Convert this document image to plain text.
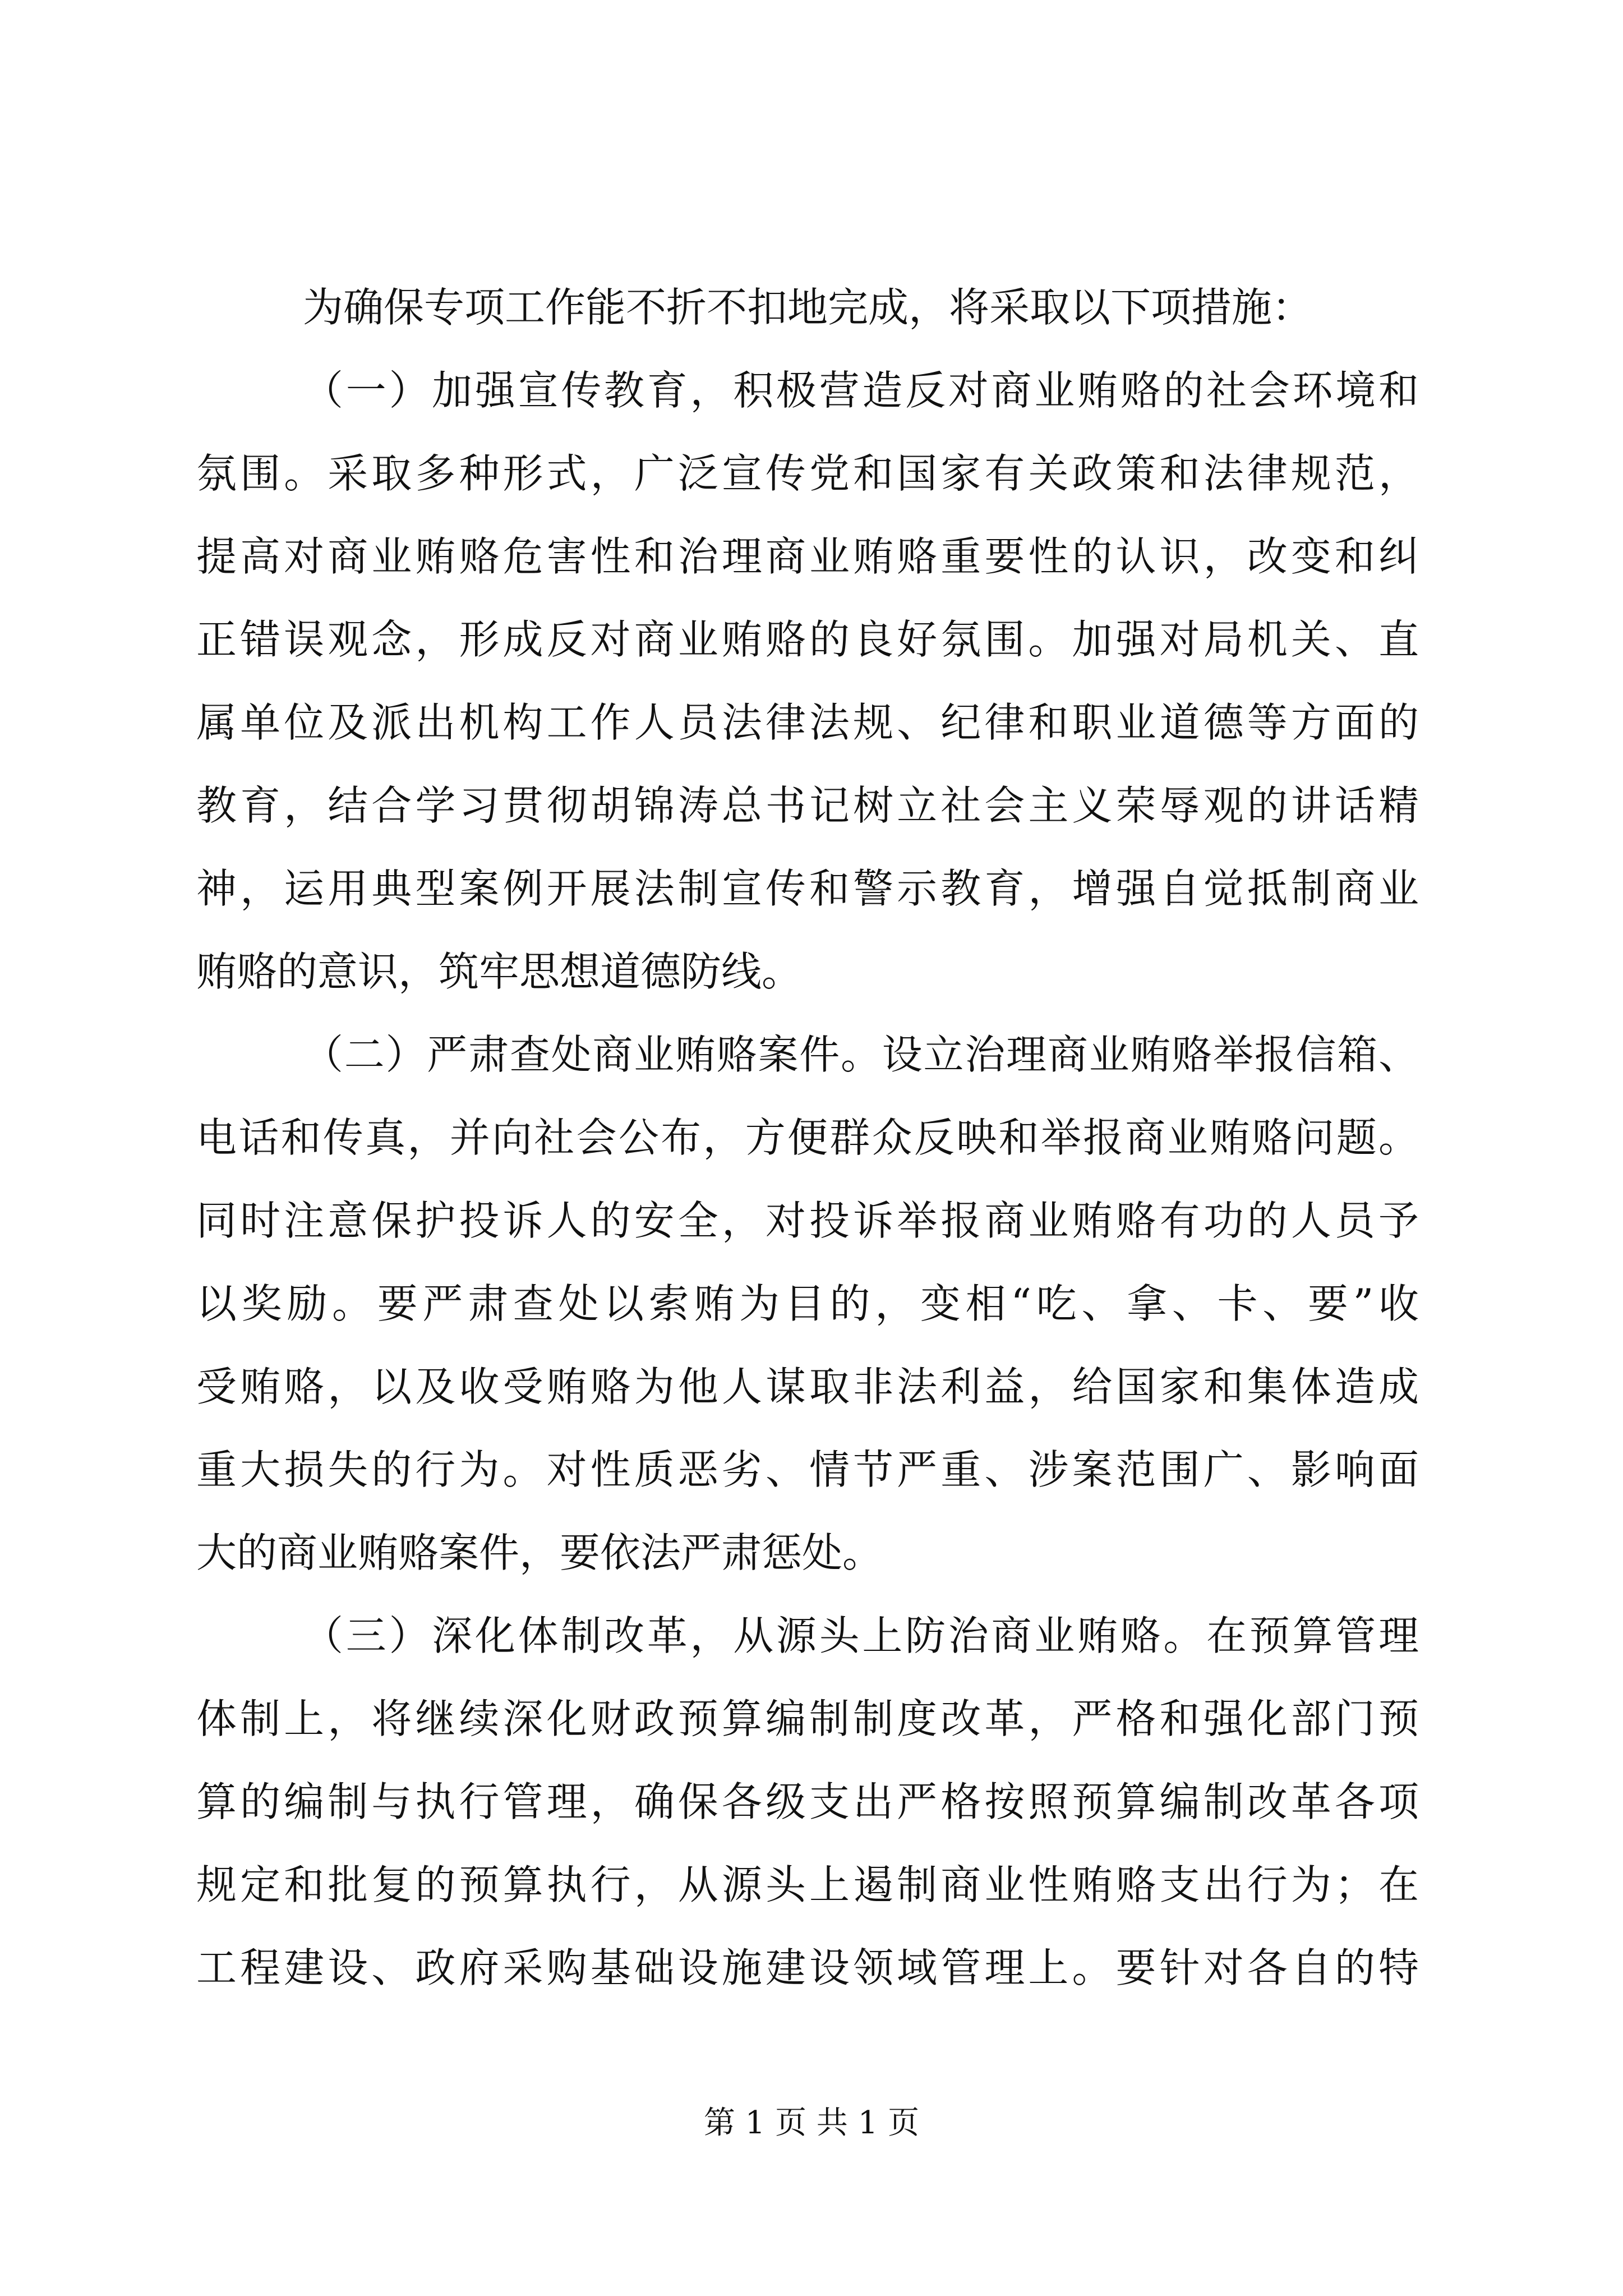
为确保专项工作能不折不扣地完成，将采取以下项措施：
（一）加强宣传教育，积极营造反对商业贿赂的社会环境和
氛围。采取多种形式，广泛宣传党和国家有关政策和法律规范，
提高对商业贿赂危害性和治理商业贿赂重要性的认识，改变和纠
正错误观念，形成反对商业贿赂的良好氛围。加强对局机关、直
属单位及派出机构工作人员法律法规、纪律和职业道德等方面的
教育，结合学习贯彻胡锦涛总书记树立社会主义荣辱观的讲话精
神，运用典型案例开展法制宣传和警示教育，增强自觉抵制商业
贿赂的意识，筑牢思想道德防线。
（二）严肃查处商业贿赂案件。设立治理商业贿赂举报信箱、
电话和传真，并向社会公布，方便群众反映和举报商业贿赂问题。
同时注意保护投诉人的安全，对投诉举报商业贿赂有功的人员予
以奖励。要严肃查处以索贿为目的，变相“吃、拿、卡、要”收
受贿赂，以及收受贿赂为他人谋取非法利益，给国家和集体造成
重大损失的行为。对性质恶劣、情节严重、涉案范围广、影响面
大的商业贿赂案件，要依法严肃惩处。
（三）深化体制改革，从源头上防治商业贿赂。在预算管理
体制上，将继续深化财政预算编制制度改革，严格和强化部门预
算的编制与执行管理，确保各级支出严格按照预算编制改革各项
规定和批复的预算执行，从源头上遏制商业性贿赂支出行为；在
工程建设、政府采购基础设施建设领域管理上。要针对各自的特
第 1 页 共 1 页
